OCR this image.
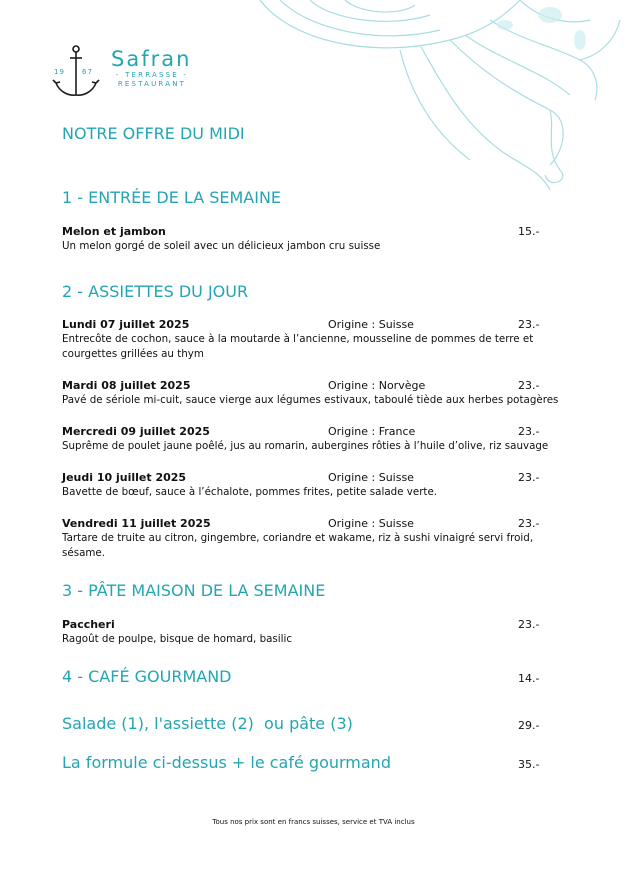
19 67
Safran
- TERRASSE -
RESTAURANT
NOTRE OFFRE DU MIDI
1 - ENTRÉE DE LA SEMAINE
Melon et jambon	15.-
Un melon gorgé de soleil avec un délicieux jambon cru suisse
2 - ASSIETTES DU JOUR
Lundi 07 juillet 2025	Origine : Suisse	23.-
Entrecôte de cochon, sauce à la moutarde à l’ancienne, mousseline de pommes de terre et courgettes grillées au thym
Mardi 08 juillet 2025	Origine : Norvège	23.-
Pavé de sériole mi-cuit, sauce vierge aux légumes estivaux, taboulé tiède aux herbes potagères
Mercredi 09 juillet 2025	Origine : France	23.-
Suprême de poulet jaune poêlé, jus au romarin, aubergines rôties à l’huile d’olive, riz sauvage
Jeudi 10 juillet 2025	Origine : Suisse	23.-
Bavette de bœuf, sauce à l’échalote, pommes frites, petite salade verte.
Vendredi 11 juillet 2025	Origine : Suisse	23.-
Tartare de truite au citron, gingembre, coriandre et wakame, riz à sushi vinaigré servi froid, sésame.
3 - PÂTE MAISON DE LA SEMAINE
Paccheri	23.-
Ragoût de poulpe, bisque de homard, basilic
4 - CAFÉ GOURMAND	14.-
Salade (1), l'assiette (2)  ou pâte (3)	29.-
La formule ci-dessus + le café gourmand	35.-
Tous nos prix sont en francs suisses, service et TVA inclus
